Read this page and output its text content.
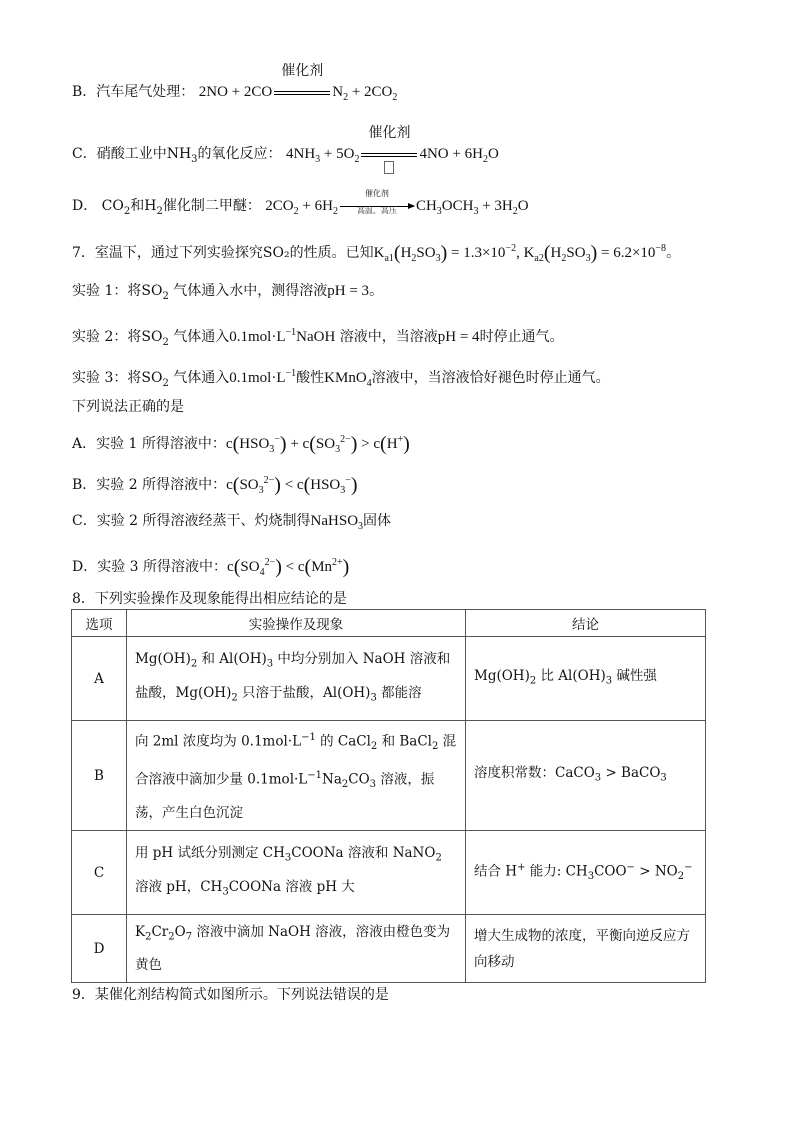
B．汽车尾气处理： 2NO + 2CO
催化剂
$N_2 + 2CO_2$
C．硝酸工业中$NH_3$的氧化反应： $4NH_3 + 5O_2$
催化剂
$4NO + 6H_2O$
D． $CO_2$和$H_2$催化制二甲醚： $2CO_2 + 6H_2$
催化剂
高温、高压	$CH_3OCH_3 + 3H_2O$
7．室温下，通过下列实验探究SO₂的性质。已知$K_{a1}(H_2SO_3) = 1.3\times 10^{-2}$, $K_{a2}(H_2SO_3) = 6.2\times 10^{-8}$。
实验 1：将$SO_2$ 气体通入水中，测得溶液pH = 3。
实验 2：将$SO_2$ 气体通入$0.1mol\cdot L^{-1}NaOH$ 溶液中，当溶液pH = 4时停止通气。
实验 3：将$SO_2$ 气体通入$0.1mol\cdot L^{-1}$酸性KMnO$_4$溶液中，当溶液恰好褪色时停止通气。
下列说法正确的是
A．实验 1 所得溶液中：$c(HSO_3^-) + c(SO_3^{2-}) > c(H^+)$
B．实验 2 所得溶液中：$c(SO_3^{2-}) < c(HSO_3^-)$
C．实验 2 所得溶液经蒸干、灼烧制得NaHSO$_3$固体
D．实验 3 所得溶液中：$c(SO_4^{2-}) < c(Mn^{2+})$
8．下列实验操作及现象能得出相应结论的是
选项	实验操作及现象	结论
A	$Mg(OH)_2$ 和 $Al(OH)_3$ 中均分别加入 NaOH 溶液和盐酸，$Mg(OH)_2$ 只溶于盐酸，$Al(OH)_3$ 都能溶	$Mg(OH)_2$ 比 $Al(OH)_3$ 碱性强
B	向 2ml 浓度均为 $0.1mol\cdot L^{-1}$ 的 CaCl$_2$ 和 BaCl$_2$ 混合溶液中滴加少量 $0.1mol\cdot L^{-1}Na_2CO_3$ 溶液，振荡，产生白色沉淀	溶度积常数：CaCO$_3$ > BaCO$_3$
C	用 pH 试纸分别测定 $CH_3COONa$ 溶液和 NaNO$_2$ 溶液 pH，$CH_3COONa$ 溶液 pH 大	结合 H+ 能力: $CH_3COO^- > NO_2^-$
D	$K_2Cr_2O_7$ 溶液中滴加 NaOH 溶液，溶液由橙色变为黄色	增大生成物的浓度，平衡向逆反应方向移动
9．某催化剂结构简式如图所示。下列说法错误的是
